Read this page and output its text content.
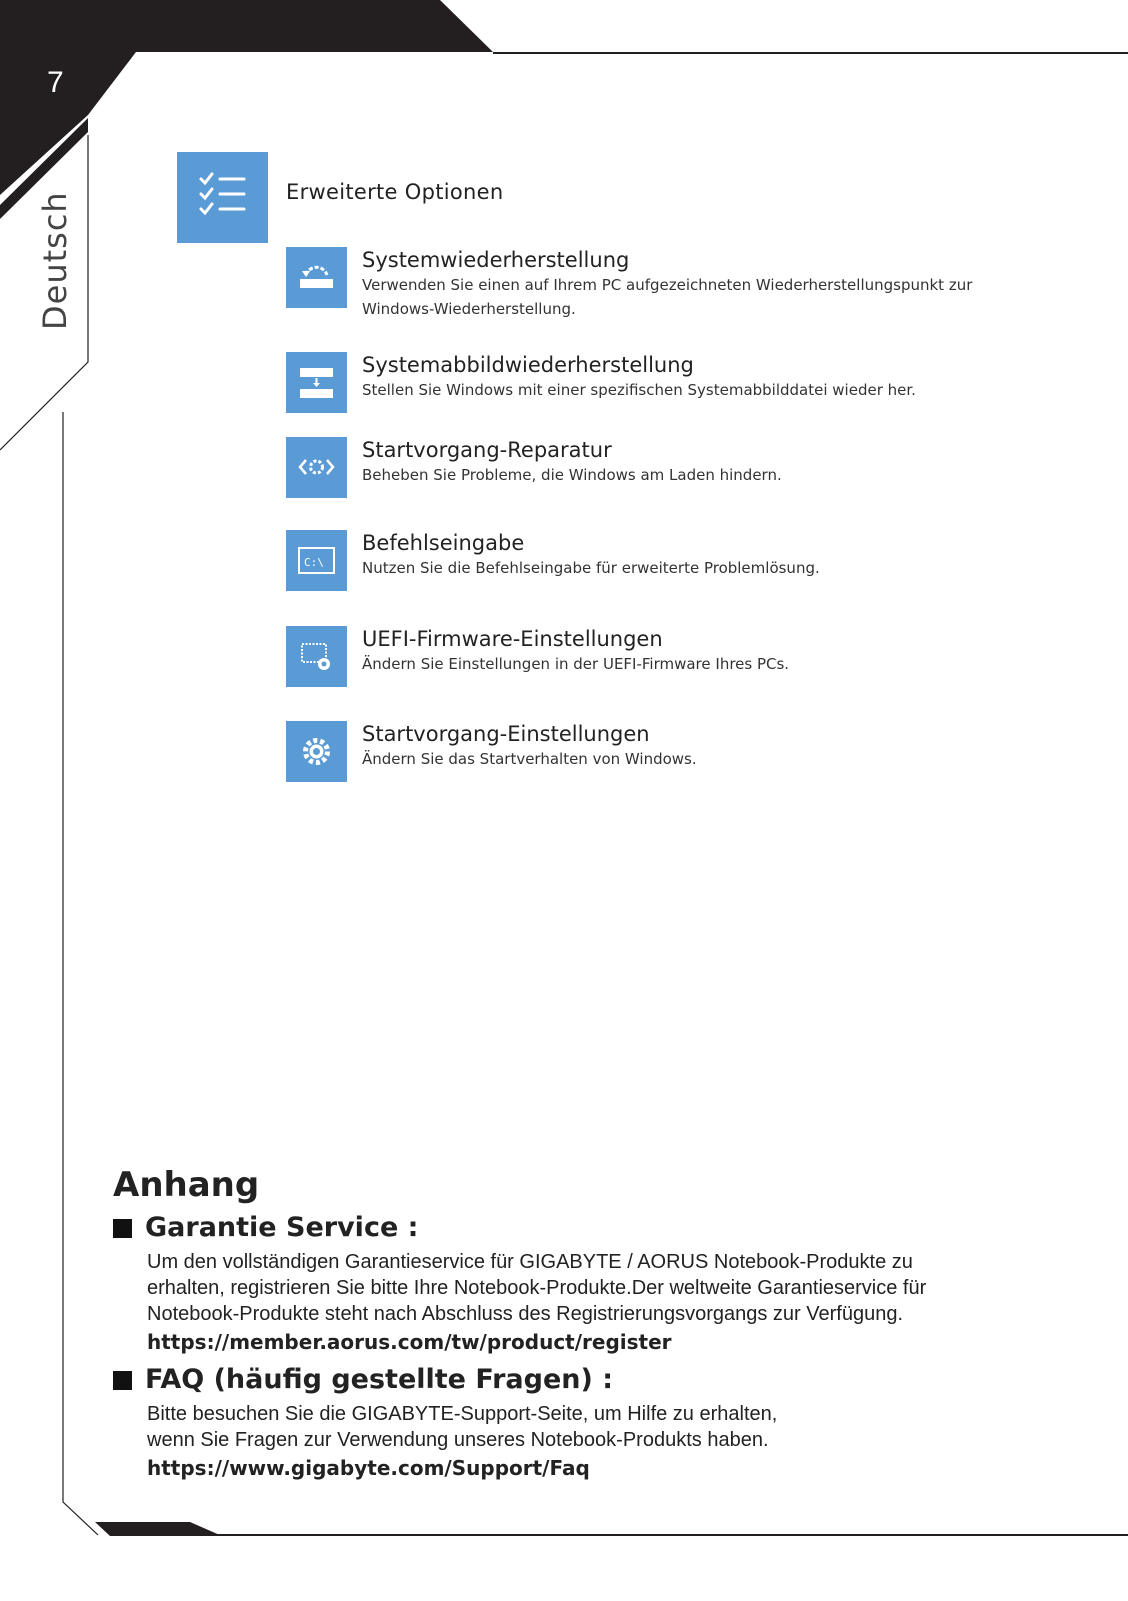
7
Deutsch	Erweiterte Optionen
Systemwiederherstellung
Verwenden Sie einen auf Ihrem PC aufgezeichneten Wiederherstellungspunkt zur
Windows-Wiederherstellung.
Systemabbildwiederherstellung
Stellen Sie Windows mit einer spezifischen Systemabbilddatei wieder her.
Startvorgang-Reparatur
Beheben Sie Probleme, die Windows am Laden hindern.
C:\
Befehlseingabe
Nutzen Sie die Befehlseingabe für erweiterte Problemlösung.
UEFI-Firmware-Einstellungen
Ändern Sie Einstellungen in der UEFI-Firmware Ihres PCs.
Startvorgang-Einstellungen
Ändern Sie das Startverhalten von Windows.
Anhang
Garantie Service :

Um den vollständigen Garantieservice für GIGABYTE / AORUS Notebook-Produkte zu

erhalten, registrieren Sie bitte Ihre Notebook-Produkte.Der weltweite Garantieservice für

Notebook-Produkte steht nach Abschluss des Registrierungsvorgangs zur Verfügung.

https://member.aorus.com/tw/product/register
FAQ (häufig gestellte Fragen) :

Bitte besuchen Sie die GIGABYTE-Support-Seite, um Hilfe zu erhalten,

wenn Sie Fragen zur Verwendung unseres Notebook-Produkts haben.

https://www.gigabyte.com/Support/Faq
